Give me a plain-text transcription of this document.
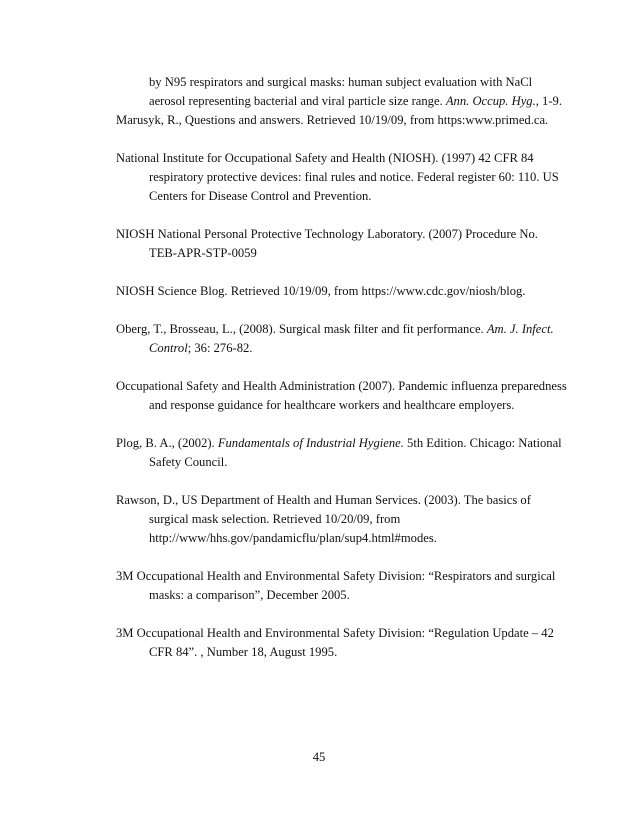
by N95 respirators and surgical masks: human subject evaluation with NaCl aerosol representing bacterial and viral particle size range. Ann. Occup. Hyg., 1-9.

Marusyk, R., Questions and answers. Retrieved 10/19/09, from https:www.primed.ca.

National Institute for Occupational Safety and Health (NIOSH). (1997) 42 CFR 84 respiratory protective devices: final rules and notice. Federal register 60: 110. US Centers for Disease Control and Prevention.

NIOSH National Personal Protective Technology Laboratory. (2007) Procedure No. TEB-APR-STP-0059

NIOSH Science Blog. Retrieved 10/19/09, from https://www.cdc.gov/niosh/blog.

Oberg, T., Brosseau, L., (2008). Surgical mask filter and fit performance. Am. J. Infect. Control; 36: 276-82.

Occupational Safety and Health Administration (2007). Pandemic influenza preparedness and response guidance for healthcare workers and healthcare employers.

Plog, B. A., (2002). Fundamentals of Industrial Hygiene. 5th Edition. Chicago: National Safety Council.

Rawson, D., US Department of Health and Human Services. (2003). The basics of surgical mask selection. Retrieved 10/20/09, from http://www/hhs.gov/pandamicflu/plan/sup4.html#modes.

3M Occupational Health and Environmental Safety Division: “Respirators and surgical masks: a comparison”, December 2005.

3M Occupational Health and Environmental Safety Division: “Regulation Update – 42 CFR 84”. , Number 18, August 1995.

45
